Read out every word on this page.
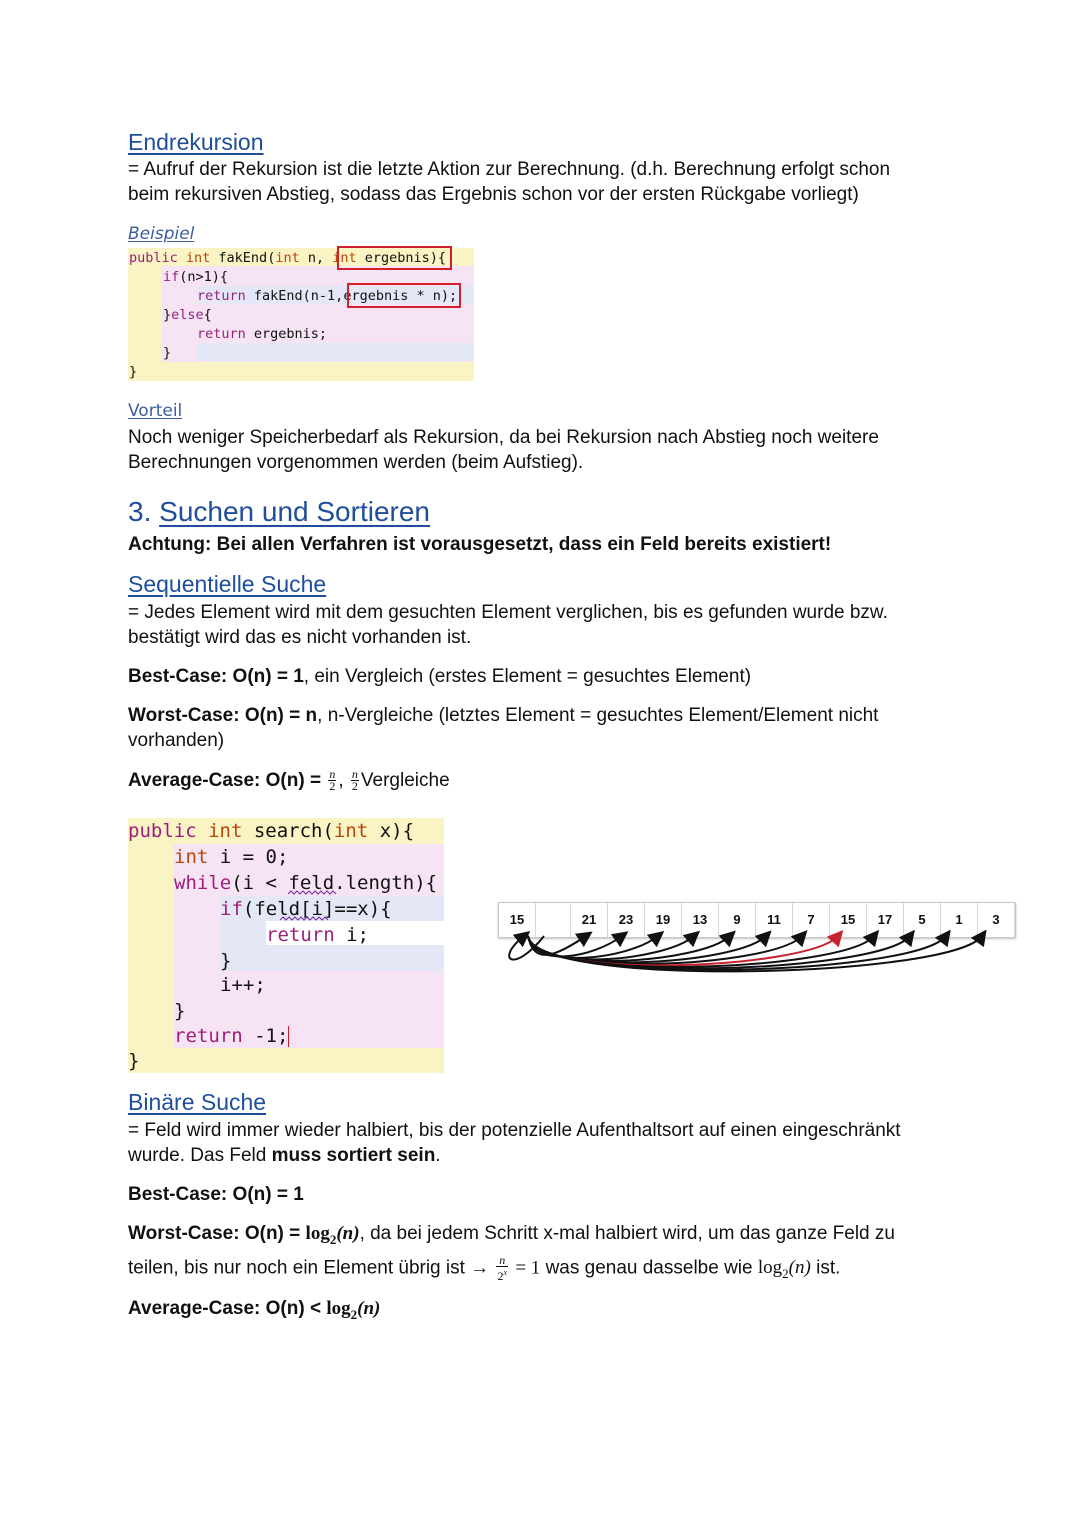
Endrekursion
= Aufruf der Rekursion ist die letzte Aktion zur Berechnung. (d.h. Berechnung erfolgt schon
beim rekursiven Abstieg, sodass das Ergebnis schon vor der ersten Rückgabe vorliegt)
Beispiel
public int fakEnd(int n, int ergebnis){
if(n>1){
return fakEnd(n-1,ergebnis * n);
}else{
return ergebnis;
}
}
Vorteil
Noch weniger Speicherbedarf als Rekursion, da bei Rekursion nach Abstieg noch weitere
Berechnungen vorgenommen werden (beim Aufstieg).
3. Suchen und Sortieren
Achtung: Bei allen Verfahren ist vorausgesetzt, dass ein Feld bereits existiert!
Sequentielle Suche
= Jedes Element wird mit dem gesuchten Element verglichen, bis es gefunden wurde bzw.
bestätigt wird das es nicht vorhanden ist.
Best-Case: O(n) = 1, ein Vergleich (erstes Element = gesuchtes Element)
Worst-Case: O(n) = n, n-Vergleiche (letztes Element = gesuchtes Element/Element nicht
vorhanden)
Average-Case: $O(n) = \frac{n}{2}$ , $\frac{n}{2}$ Vergleiche
public int search(int x){
int i = 0;
while(i < feld.length){
if(feld[i]==x){
return i;
}
i++;
}
return -1;
}
15	21	23	19	13	9	11	7	15	17	5	1	3
Binäre Suche
= Feld wird immer wieder halbiert, bis der potenzielle Aufenthaltsort auf einen eingeschränkt
wurde. Das Feld muss sortiert sein.
Best-Case: O(n) = 1
Worst-Case: $O(n) = \log_2(n)$, da bei jedem Schritt x-mal halbiert wird, um das ganze Feld zu
teilen, bis nur noch ein Element übrig ist → $\frac{n}{2^x} = 1$ was genau dasselbe wie $\log_2(n)$ ist.
Average-Case: $O(n) < \log_2(n)$
